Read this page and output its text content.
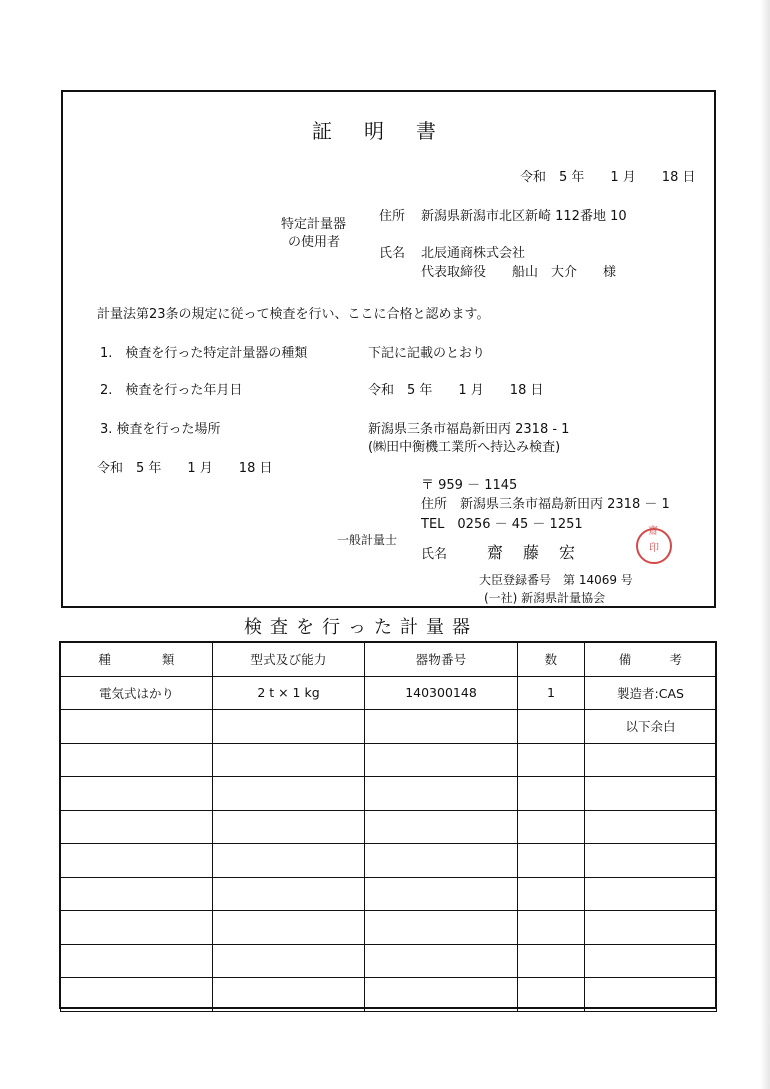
証　明　書
令和　5 年　　1 月　　18 日
特定計量器
の使用者
住所 新潟県新潟市北区新崎 112番地 10
氏名 北辰通商株式会社
代表取締役　　船山　大介　　様
計量法第23条の規定に従って検査を行い、ここに合格と認めます。
1.　検査を行った特定計量器の種類	下記に記載のとおり
2.　検査を行った年月日	令和　5 年　　1 月　　18 日
3. 検査を行った場所	新潟県三条市福島新田丙 2318 - 1
(㈱田中衡機工業所へ持込み検査)
令和　5 年　　1 月　　18 日
〒 959 － 1145
住所　新潟県三条市福島新田丙 2318 － 1
TEL　0256 － 45 － 1251
一般計量士
氏名 齋　藤　宏
齋
印
大臣登録番号　第 14069 号
(一社) 新潟県計量協会
検査を行った計量器
種　　　　類	型式及び能力	器物番号	数	備　　　考
電気式はかり	2 t × 1 kg	140300148	1	製造者:CAS
				以下余白
